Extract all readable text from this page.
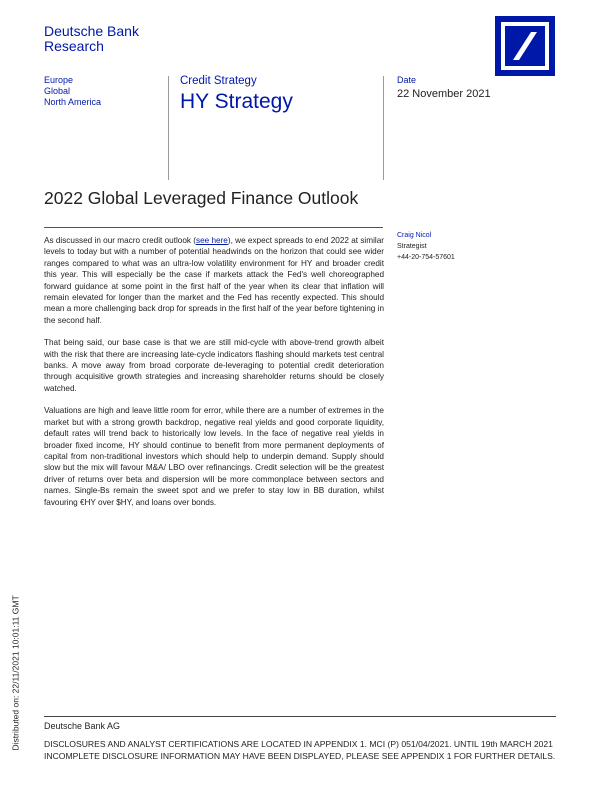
Deutsche Bank
Research
Europe
Global
North America
Credit Strategy
HY Strategy
Date
22 November 2021
2022 Global Leveraged Finance Outlook

As discussed in our macro credit outlook (see here), we expect spreads to end 2022 at similar levels to today but with a number of potential headwinds on the horizon that could see wider ranges compared to what was an ultra-low volatility environment for HY and broader credit this year. This will especially be the case if markets attack the Fed's well choreographed forward guidance at some point in the first half of the year when its clear that inflation will remain elevated for longer than the market and the Fed has recently expected. This should mean a more challenging back drop for spreads in the first half of the year before tightening in the second half.

That being said, our base case is that we are still mid-cycle with above-trend growth albeit with the risk that there are increasing late-cycle indicators flashing should markets test central banks. A move away from broad corporate de-leveraging to potential credit deterioration through acquisitive growth strategies and increasing shareholder returns should be closely watched.

Valuations are high and leave little room for error, while there are a number of extremes in the market but with a strong growth backdrop, negative real yields and good corporate liquidity, default rates will trend back to historically low levels. In the face of negative real yields in broader fixed income, HY should continue to benefit from more permanent deployments of capital from non-traditional investors which should help to underpin demand. Supply should slow but the mix will favour M&A/ LBO over refinancings. Credit selection will be the greatest driver of returns over beta and dispersion will be more commonplace between sectors and names. Single-Bs remain the sweet spot and we prefer to stay low in BB duration, whilst favouring €HY over $HY, and loans over bonds.

Craig Nicol
Strategist
+44-20-754-57601
Distributed on: 22/11/2021 10:01:11 GMT	Deutsche Bank AG
DISCLOSURES AND ANALYST CERTIFICATIONS ARE LOCATED IN APPENDIX 1. MCI (P) 051/04/2021. UNTIL 19th MARCH 2021 INCOMPLETE DISCLOSURE INFORMATION MAY HAVE BEEN DISPLAYED, PLEASE SEE APPENDIX 1 FOR FURTHER DETAILS.
